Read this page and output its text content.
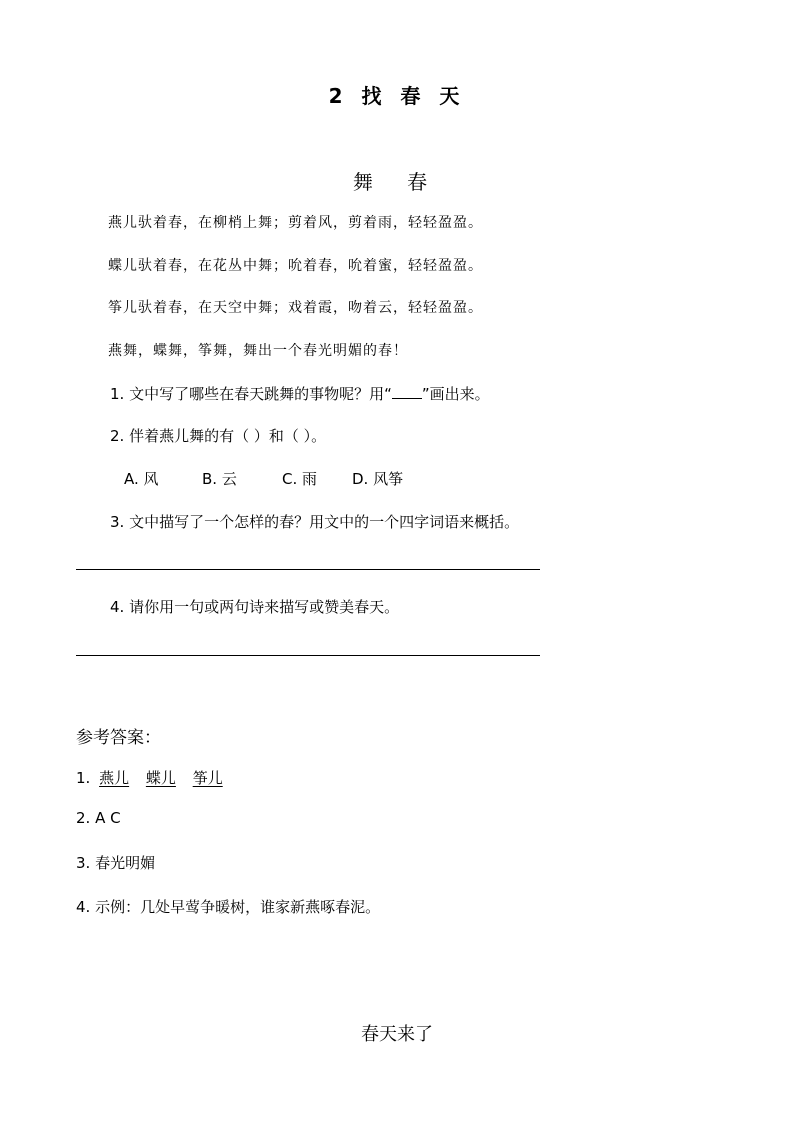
2 找 春 天
舞 春
燕儿驮着春，在柳梢上舞；剪着风，剪着雨，轻轻盈盈。
蝶儿驮着春，在花丛中舞；吮着春，吮着蜜，轻轻盈盈。
筝儿驮着春，在天空中舞；戏着霞，吻着云，轻轻盈盈。
燕舞，蝶舞，筝舞，舞出一个春光明媚的春！
1. 文中写了哪些在春天跳舞的事物呢？用“ ”画出来。
2. 伴着燕儿舞的有（ ）和（ ）。
A. 风	B. 云	C. 雨 D. 风筝
3. 文中描写了一个怎样的春？用文中的一个四字词语来概括。
4. 请你用一句或两句诗来描写或赞美春天。
参考答案：
1. 燕儿 蝶儿 筝儿
2. A C
3. 春光明媚
4. 示例：几处早莺争暖树，谁家新燕啄春泥。
春天来了
